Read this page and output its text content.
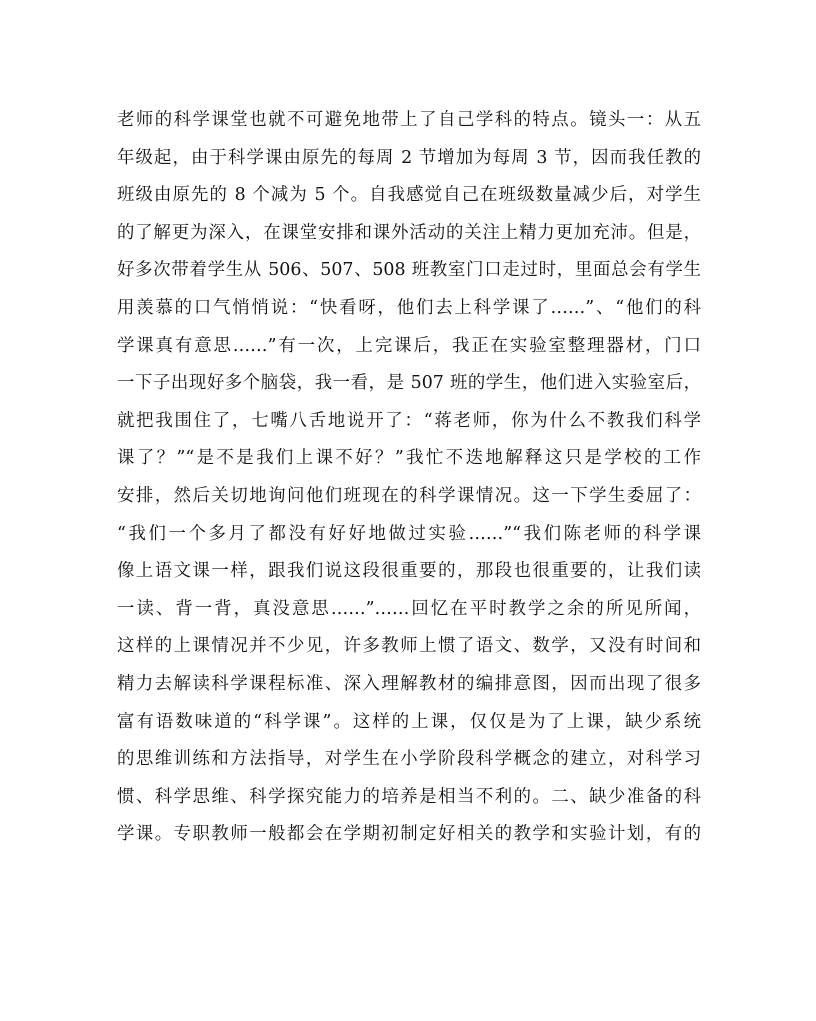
老师的科学课堂也就不可避免地带上了自己学科的特点。镜头一：从五
年级起，由于科学课由原先的每周 2 节增加为每周 3 节，因而我任教的
班级由原先的 8 个减为 5 个。自我感觉自己在班级数量减少后，对学生
的了解更为深入，在课堂安排和课外活动的关注上精力更加充沛。但是，
好多次带着学生从 506、507、508 班教室门口走过时，里面总会有学生
用羡慕的口气悄悄说：“快看呀，他们去上科学课了……”、“他们的科
学课真有意思……”有一次，上完课后，我正在实验室整理器材，门口
一下子出现好多个脑袋，我一看，是 507 班的学生，他们进入实验室后，
就把我围住了，七嘴八舌地说开了：“蒋老师，你为什么不教我们科学
课了？”“是不是我们上课不好？”我忙不迭地解释这只是学校的工作
安排，然后关切地询问他们班现在的科学课情况。这一下学生委屈了：
“我们一个多月了都没有好好地做过实验……”“我们陈老师的科学课
像上语文课一样，跟我们说这段很重要的，那段也很重要的，让我们读
一读、背一背，真没意思……”……回忆在平时教学之余的所见所闻，
这样的上课情况并不少见，许多教师上惯了语文、数学，又没有时间和
精力去解读科学课程标准、深入理解教材的编排意图，因而出现了很多
富有语数味道的“科学课”。这样的上课，仅仅是为了上课，缺少系统
的思维训练和方法指导，对学生在小学阶段科学概念的建立，对科学习
惯、科学思维、科学探究能力的培养是相当不利的。二、缺少准备的科
学课。专职教师一般都会在学期初制定好相关的教学和实验计划，有的
